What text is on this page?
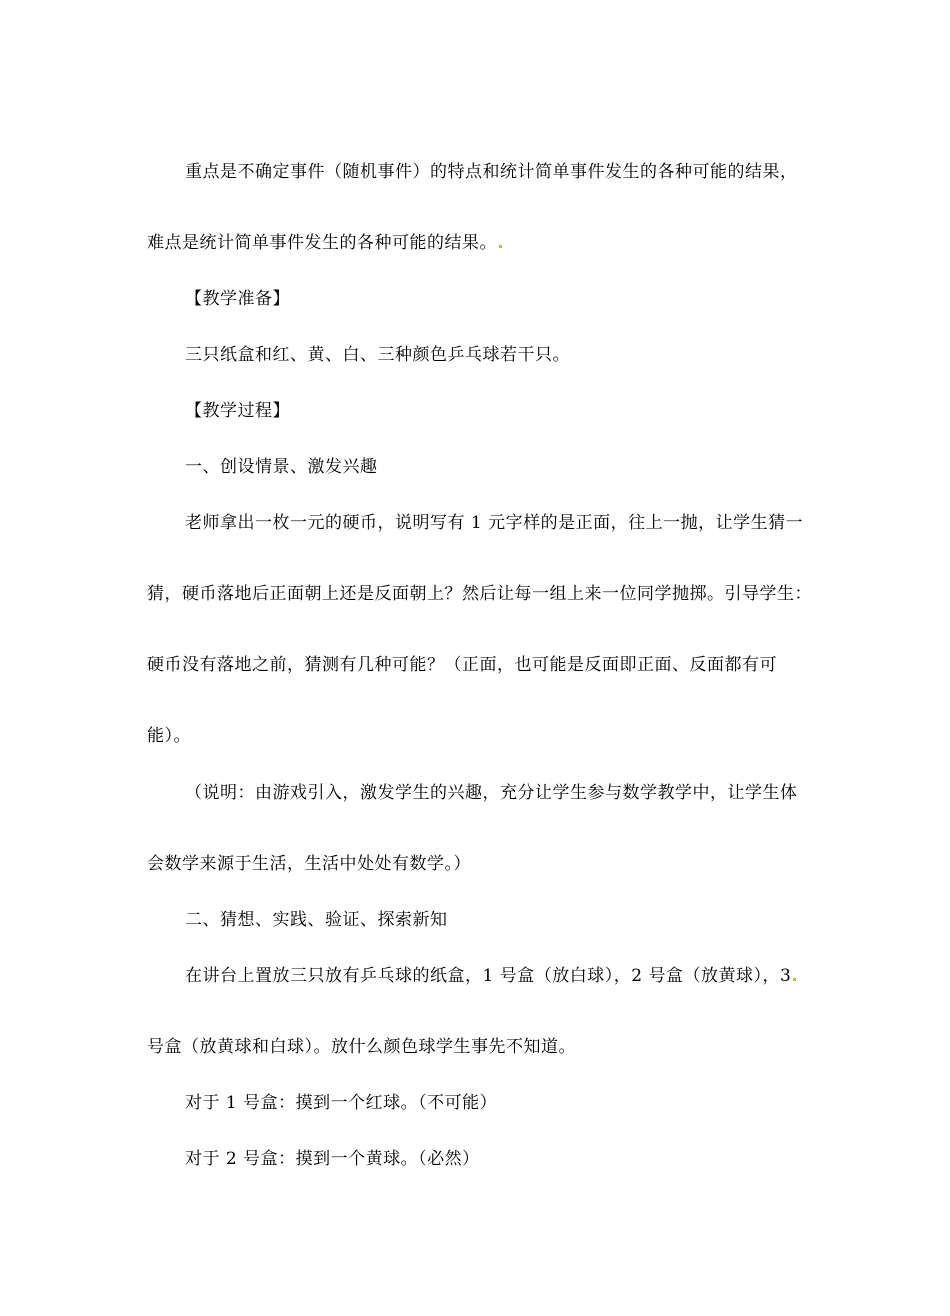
重点是不确定事件（随机事件）的特点和统计简单事件发生的各种可能的结果，
难点是统计简单事件发生的各种可能的结果。
【教学准备】
三只纸盒和红、黄、白、三种颜色乒乓球若干只。
【教学过程】
一、创设情景、激发兴趣
老师拿出一枚一元的硬币，说明写有 1 元字样的是正面，往上一抛，让学生猜一
猜，硬币落地后正面朝上还是反面朝上？然后让每一组上来一位同学抛掷。引导学生：
硬币没有落地之前，猜测有几种可能？（正面，也可能是反面即正面、反面都有可
能）。
（说明：由游戏引入，激发学生的兴趣，充分让学生参与数学教学中，让学生体
会数学来源于生活，生活中处处有数学。）
二、猜想、实践、验证、探索新知
在讲台上置放三只放有乒乓球的纸盒，1 号盒（放白球），2 号盒（放黄球），3
号盒（放黄球和白球）。放什么颜色球学生事先不知道。
对于 1 号盒：摸到一个红球。（不可能）
对于 2 号盒：摸到一个黄球。（必然）
